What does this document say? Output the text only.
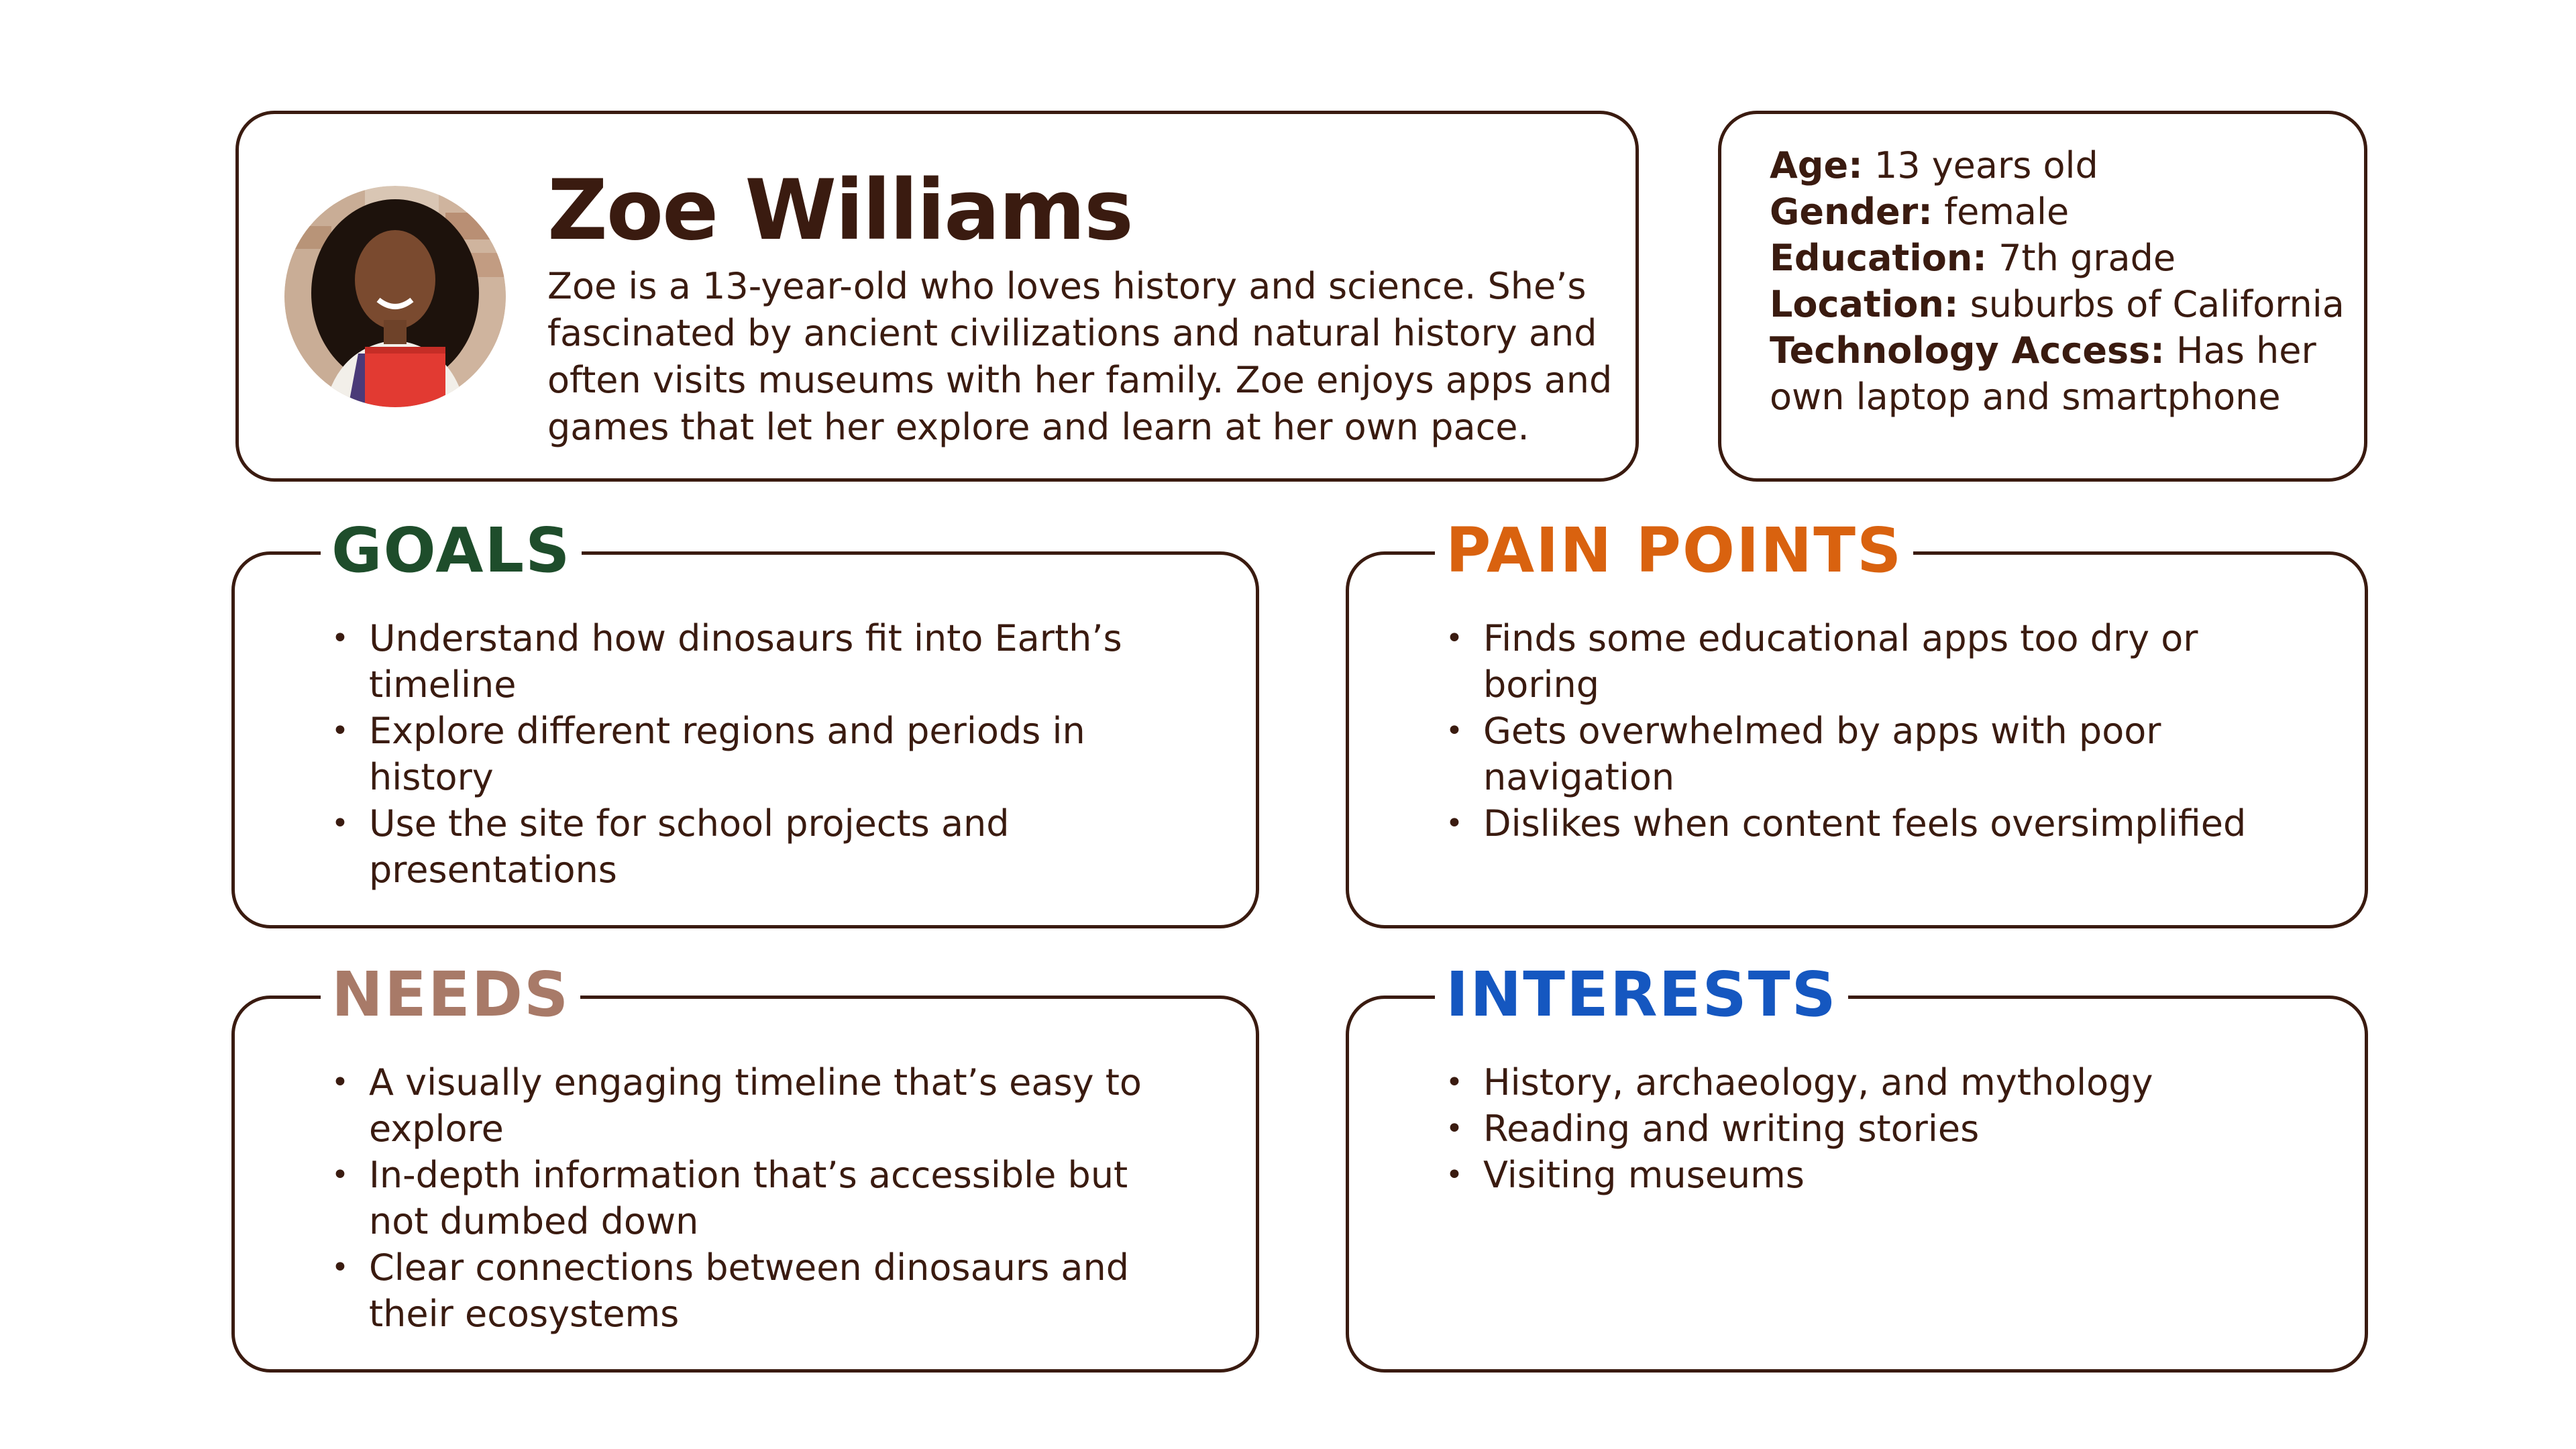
Zoe Williams

Zoe is a 13-year-old who loves history and science. She’s fascinated by ancient civilizations and natural history and often visits museums with her family. Zoe enjoys apps and games that let her explore and learn at her own pace.

Age: 13 years old

Gender: female

Education: 7th grade

Location: suburbs of California

Technology Access: Has her own laptop and smartphone

GOALS
• Understand how dinosaurs fit into Earth’s timeline
• Explore different regions and periods in history
• Use the site for school projects and presentations
PAIN POINTS
• Finds some educational apps too dry or boring
• Gets overwhelmed by apps with poor navigation
• Dislikes when content feels oversimplified
NEEDS
• A visually engaging timeline that’s easy to explore
• In-depth information that’s accessible but not dumbed down
• Clear connections between dinosaurs and their ecosystems
INTERESTS
• History, archaeology, and mythology
• Reading and writing stories
• Visiting museums
